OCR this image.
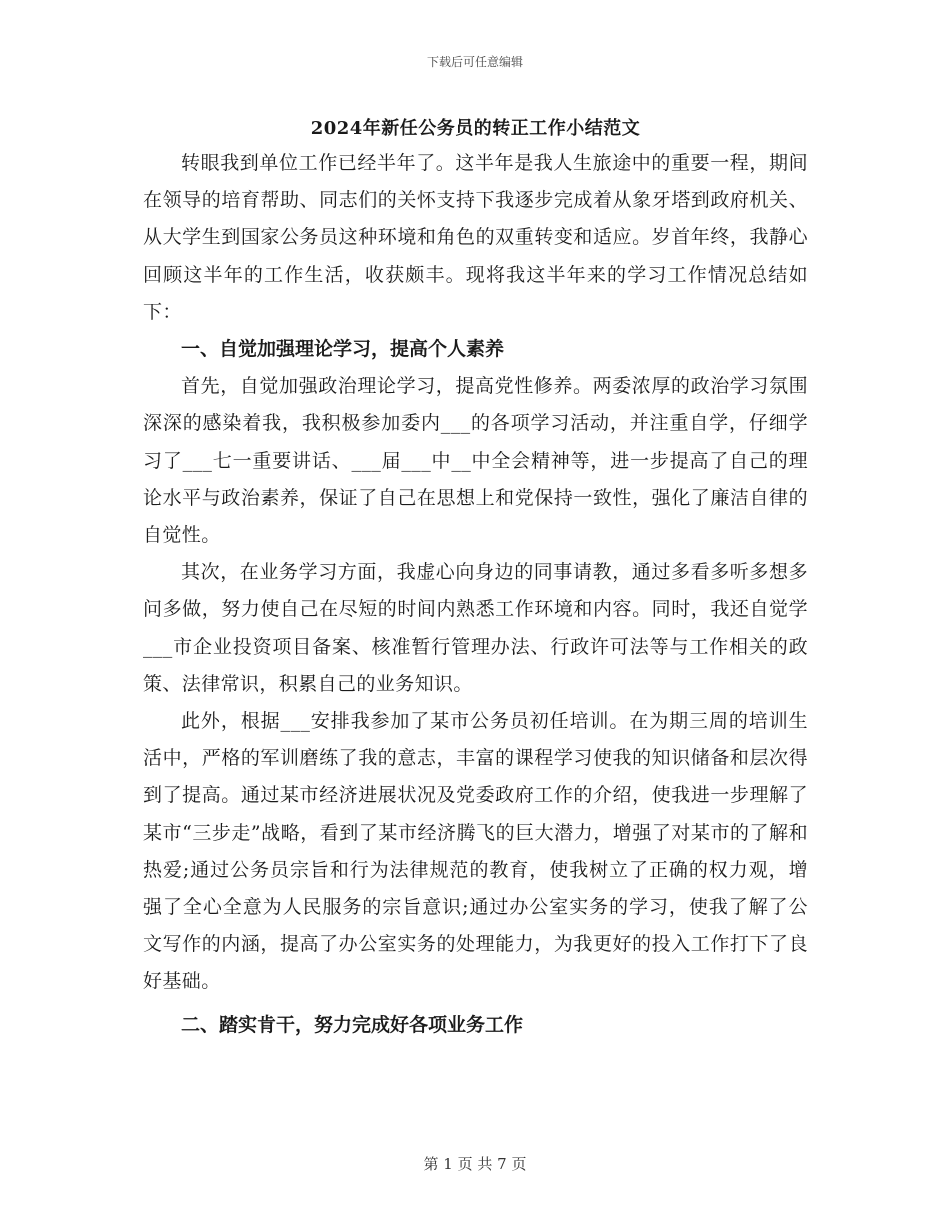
下载后可任意编辑
2024年新任公务员的转正工作小结范文

转眼我到单位工作已经半年了。这半年是我人生旅途中的重要一程，期间在领导的培育帮助、同志们的关怀支持下我逐步完成着从象牙塔到政府机关、从大学生到国家公务员这种环境和角色的双重转变和适应。岁首年终，我静心回顾这半年的工作生活，收获颇丰。现将我这半年来的学习工作情况总结如下：

一、自觉加强理论学习，提高个人素养

首先，自觉加强政治理论学习，提高党性修养。两委浓厚的政治学习氛围深深的感染着我，我积极参加委内___的各项学习活动，并注重自学，仔细学习了___七一重要讲话、___届___中__中全会精神等，进一步提高了自己的理论水平与政治素养，保证了自己在思想上和党保持一致性，强化了廉洁自律的自觉性。

其次，在业务学习方面，我虚心向身边的同事请教，通过多看多听多想多问多做，努力使自己在尽短的时间内熟悉工作环境和内容。同时，我还自觉学___市企业投资项目备案、核准暂行管理办法、行政许可法等与工作相关的政策、法律常识，积累自己的业务知识。

此外，根据___安排我参加了某市公务员初任培训。在为期三周的培训生活中，严格的军训磨练了我的意志，丰富的课程学习使我的知识储备和层次得到了提高。通过某市经济进展状况及党委政府工作的介绍，使我进一步理解了某市“三步走”战略，看到了某市经济腾飞的巨大潜力，增强了对某市的了解和热爱;通过公务员宗旨和行为法律规范的教育，使我树立了正确的权力观，增强了全心全意为人民服务的宗旨意识;通过办公室实务的学习，使我了解了公文写作的内涵，提高了办公室实务的处理能力，为我更好的投入工作打下了良好基础。

二、踏实肯干，努力完成好各项业务工作

第 1 页 共 7 页
